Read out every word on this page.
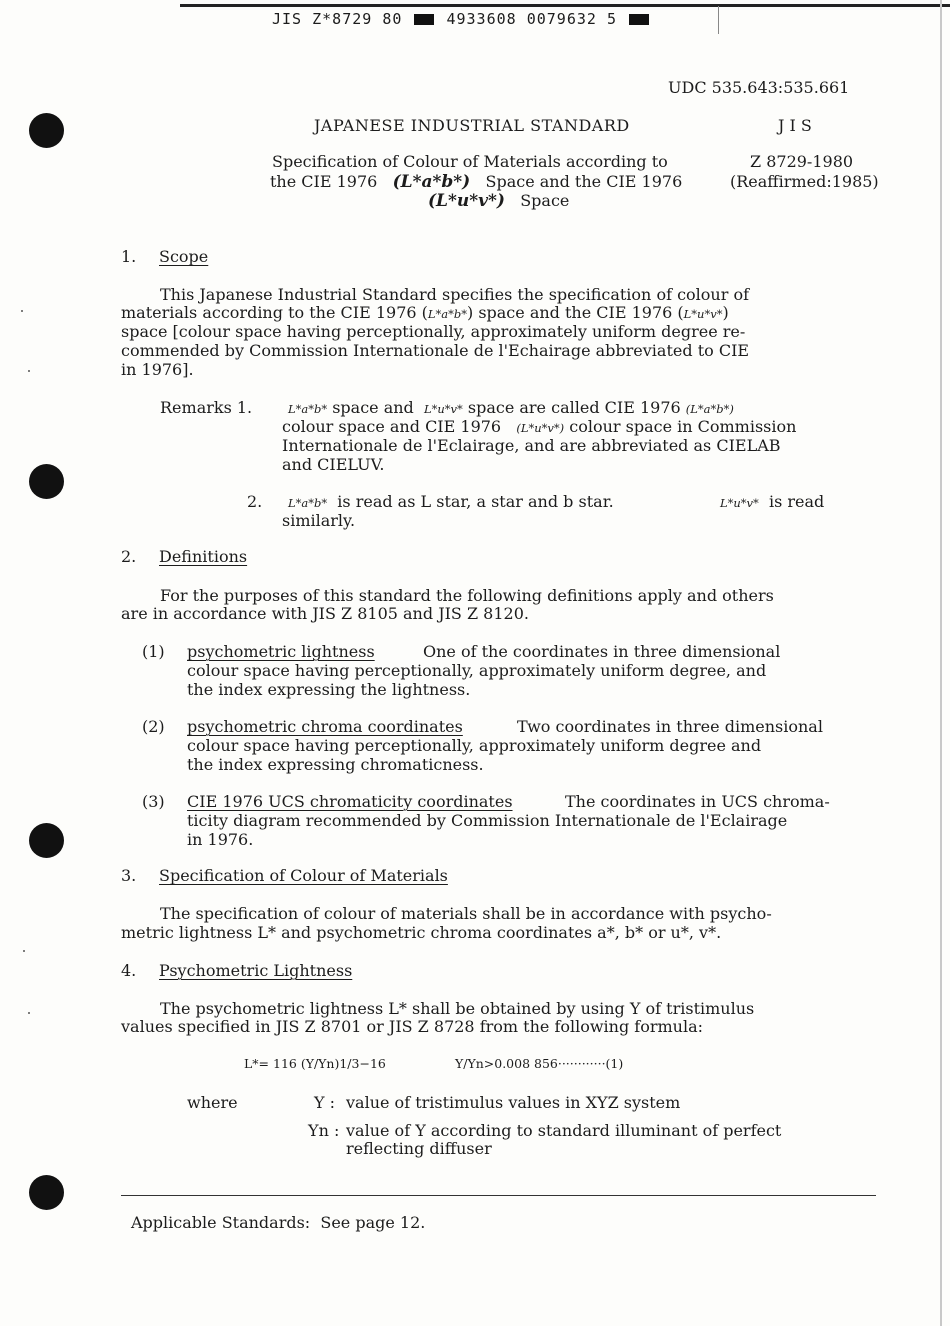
JIS Z*8729 80	4933608 0079632 5
UDC 535.643:535.661
JAPANESE INDUSTRIAL STANDARD	J I S
Specification of Colour of Materials according to	Z 8729-1980
the CIE 1976 (L*a*b*) Space and the CIE 1976	(Reaffirmed:1985)
(L*u*v*) Space
1. Scope
This Japanese Industrial Standard specifies the specification of colour of
materials according to the CIE 1976 (L*a*b*) space and the CIE 1976 (L*u*v*)
space [colour space having perceptionally, approximately uniform degree re-
commended by Commission Internationale de l'Echairage abbreviated to CIE
in 1976].
Remarks 1.	L*a*b* space and L*u*v* space are called CIE 1976 (L*a*b*)
colour space and CIE 1976 (L*u*v*) colour space in Commission
Internationale de l'Eclairage, and are abbreviated as CIELAB
and CIELUV.
2. L*a*b* is read as L star, a star and b star.	L*u*v* is read
similarly.
2. Definitions
For the purposes of this standard the following definitions apply and others
are in accordance with JIS Z 8105 and JIS Z 8120.
(1) psychometric lightness	One of the coordinates in three dimensional
colour space having perceptionally, approximately uniform degree, and
the index expressing the lightness.
(2) psychometric chroma coordinates	Two coordinates in three dimensional
colour space having perceptionally, approximately uniform degree and
the index expressing chromaticness.
(3) CIE 1976 UCS chromaticity coordinates	The coordinates in UCS chroma-
ticity diagram recommended by Commission Internationale de l'Eclairage
in 1976.
3. Specification of Colour of Materials
The specification of colour of materials shall be in accordance with psycho-
metric lightness L* and psychometric chroma coordinates a*, b* or u*, v*.
4. Psychometric Lightness
The psychometric lightness L* shall be obtained by using Y of tristimulus
values specified in JIS Z 8701 or JIS Z 8728 from the following formula:
L*= 116 (Y/Yn)1/3−16	Y/Yn>0.008 856············(1)
where	Y : value of tristimulus values in XYZ system
Yn : value of Y according to standard illuminant of perfect
reflecting diffuser
Applicable Standards:  See page 12.
